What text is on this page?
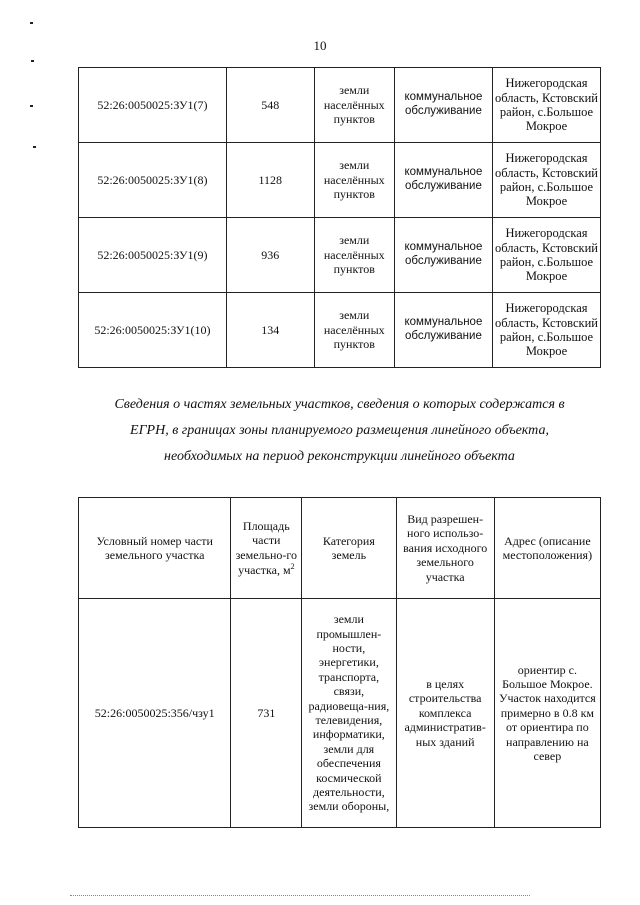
10
52:26:0050025:ЗУ1(7)	548	земли населённых пунктов	коммунальное обслуживание	Нижегородская область, Кстовский район, с.Большое Мокрое
52:26:0050025:ЗУ1(8)	1128	земли населённых пунктов	коммунальное обслуживание	Нижегородская область, Кстовский район, с.Большое Мокрое
52:26:0050025:ЗУ1(9)	936	земли населённых пунктов	коммунальное обслуживание	Нижегородская область, Кстовский район, с.Большое Мокрое
52:26:0050025:ЗУ1(10)	134	земли населённых пунктов	коммунальное обслуживание	Нижегородская область, Кстовский район, с.Большое Мокрое
Сведения о частях земельных участков, сведения о которых содержатся в
ЕГРН, в границах зоны планируемого размещения линейного объекта,
необходимых на период реконструкции линейного объекта
Условный номер части земельного участка	Площадь части земельно-го участка, $м^2$	Категория земель	Вид разрешен-ного использо-вания исходного земельного участка	Адрес (описание местоположения)
52:26:0050025:356/чзу1	731	земли промышлен-ности, энергетики, транспорта, связи, радиовеща-ния, телевидения, информатики, земли для обеспечения космической деятельности, земли обороны,	в целях строительства комплекса административ-ных зданий	ориентир с. Большое Мокрое. Участок находится примерно в 0.8 км от ориентира по направлению на север
